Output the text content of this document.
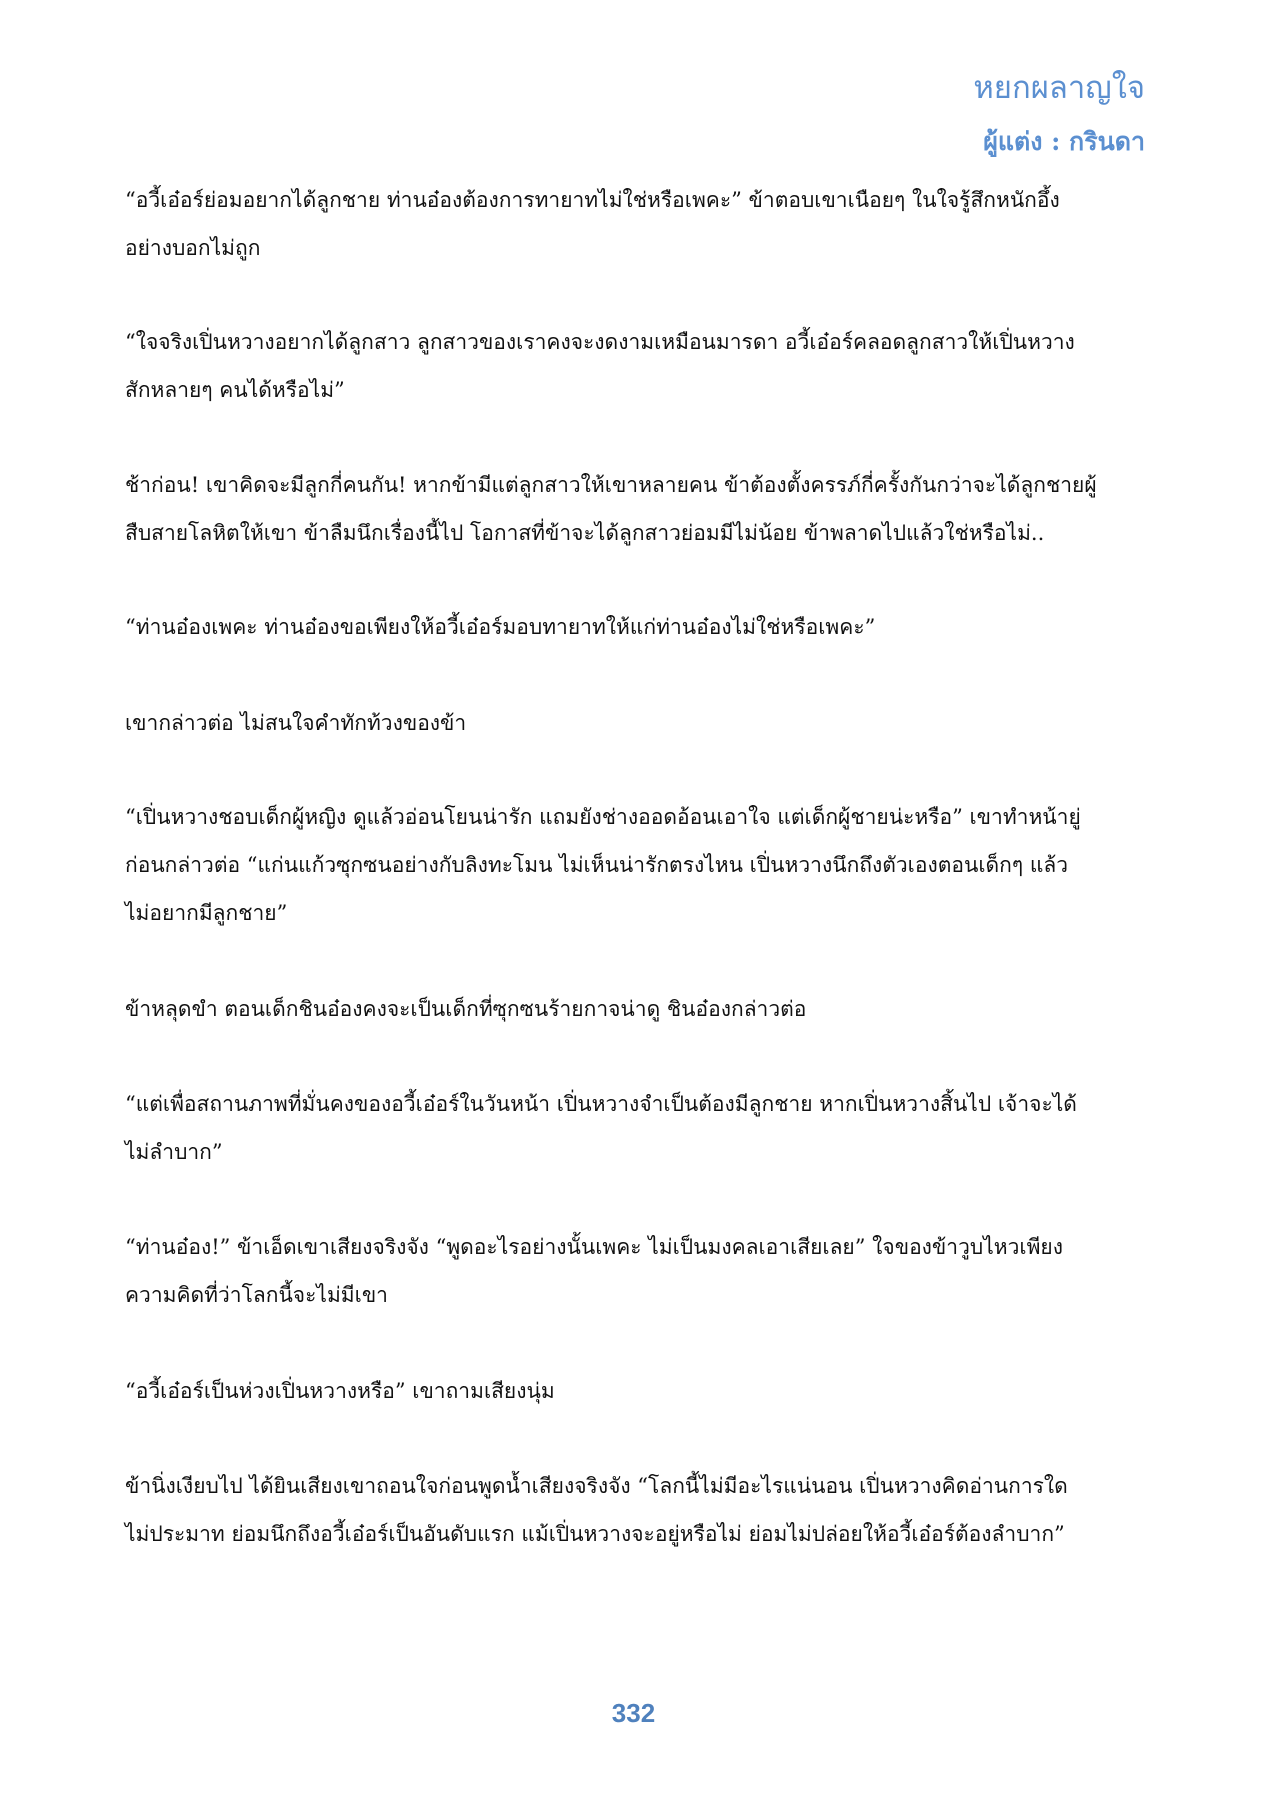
หยกผลาญใจ
ผู้แต่ง : กรินดา
“อวี้เอ๋อร์ย่อมอยากได้ลูกชาย ท่านอ๋องต้องการทายาทไม่ใช่หรือเพคะ” ข้าตอบเขาเนือยๆ ในใจรู้สึกหนักอึ้ง
อย่างบอกไม่ถูก
“ใจจริงเปิ่นหวางอยากได้ลูกสาว ลูกสาวของเราคงจะงดงามเหมือนมารดา อวี้เอ๋อร์คลอดลูกสาวให้เปิ่นหวาง
สักหลายๆ คนได้หรือไม่”
ช้าก่อน! เขาคิดจะมีลูกกี่คนกัน! หากข้ามีแต่ลูกสาวให้เขาหลายคน ข้าต้องตั้งครรภ์กี่ครั้งกันกว่าจะได้ลูกชายผู้
สืบสายโลหิตให้เขา ข้าลืมนึกเรื่องนี้ไป โอกาสที่ข้าจะได้ลูกสาวย่อมมีไม่น้อย ข้าพลาดไปแล้วใช่หรือไม่..
“ท่านอ๋องเพคะ ท่านอ๋องขอเพียงให้อวี้เอ๋อร์มอบทายาทให้แก่ท่านอ๋องไม่ใช่หรือเพคะ”
เขากล่าวต่อ ไม่สนใจคำทักท้วงของข้า
“เปิ่นหวางชอบเด็กผู้หญิง ดูแล้วอ่อนโยนน่ารัก แถมยังช่างออดอ้อนเอาใจ แต่เด็กผู้ชายน่ะหรือ” เขาทำหน้ายู่
ก่อนกล่าวต่อ “แก่นแก้วซุกซนอย่างกับลิงทะโมน ไม่เห็นน่ารักตรงไหน เปิ่นหวางนึกถึงตัวเองตอนเด็กๆ แล้ว
ไม่อยากมีลูกชาย”
ข้าหลุดขำ ตอนเด็กชินอ๋องคงจะเป็นเด็กที่ซุกซนร้ายกาจน่าดู ชินอ๋องกล่าวต่อ
“แต่เพื่อสถานภาพที่มั่นคงของอวี้เอ๋อร์ในวันหน้า เปิ่นหวางจำเป็นต้องมีลูกชาย หากเปิ่นหวางสิ้นไป เจ้าจะได้
ไม่ลำบาก”
“ท่านอ๋อง!” ข้าเอ็ดเขาเสียงจริงจัง “พูดอะไรอย่างนั้นเพคะ ไม่เป็นมงคลเอาเสียเลย” ใจของข้าวูบไหวเพียง
ความคิดที่ว่าโลกนี้จะไม่มีเขา
“อวี้เอ๋อร์เป็นห่วงเปิ่นหวางหรือ” เขาถามเสียงนุ่ม
ข้านิ่งเงียบไป ได้ยินเสียงเขาถอนใจก่อนพูดน้ำเสียงจริงจัง “โลกนี้ไม่มีอะไรแน่นอน เปิ่นหวางคิดอ่านการใด
ไม่ประมาท ย่อมนึกถึงอวี้เอ๋อร์เป็นอันดับแรก แม้เปิ่นหวางจะอยู่หรือไม่ ย่อมไม่ปล่อยให้อวี้เอ๋อร์ต้องลำบาก”
332
